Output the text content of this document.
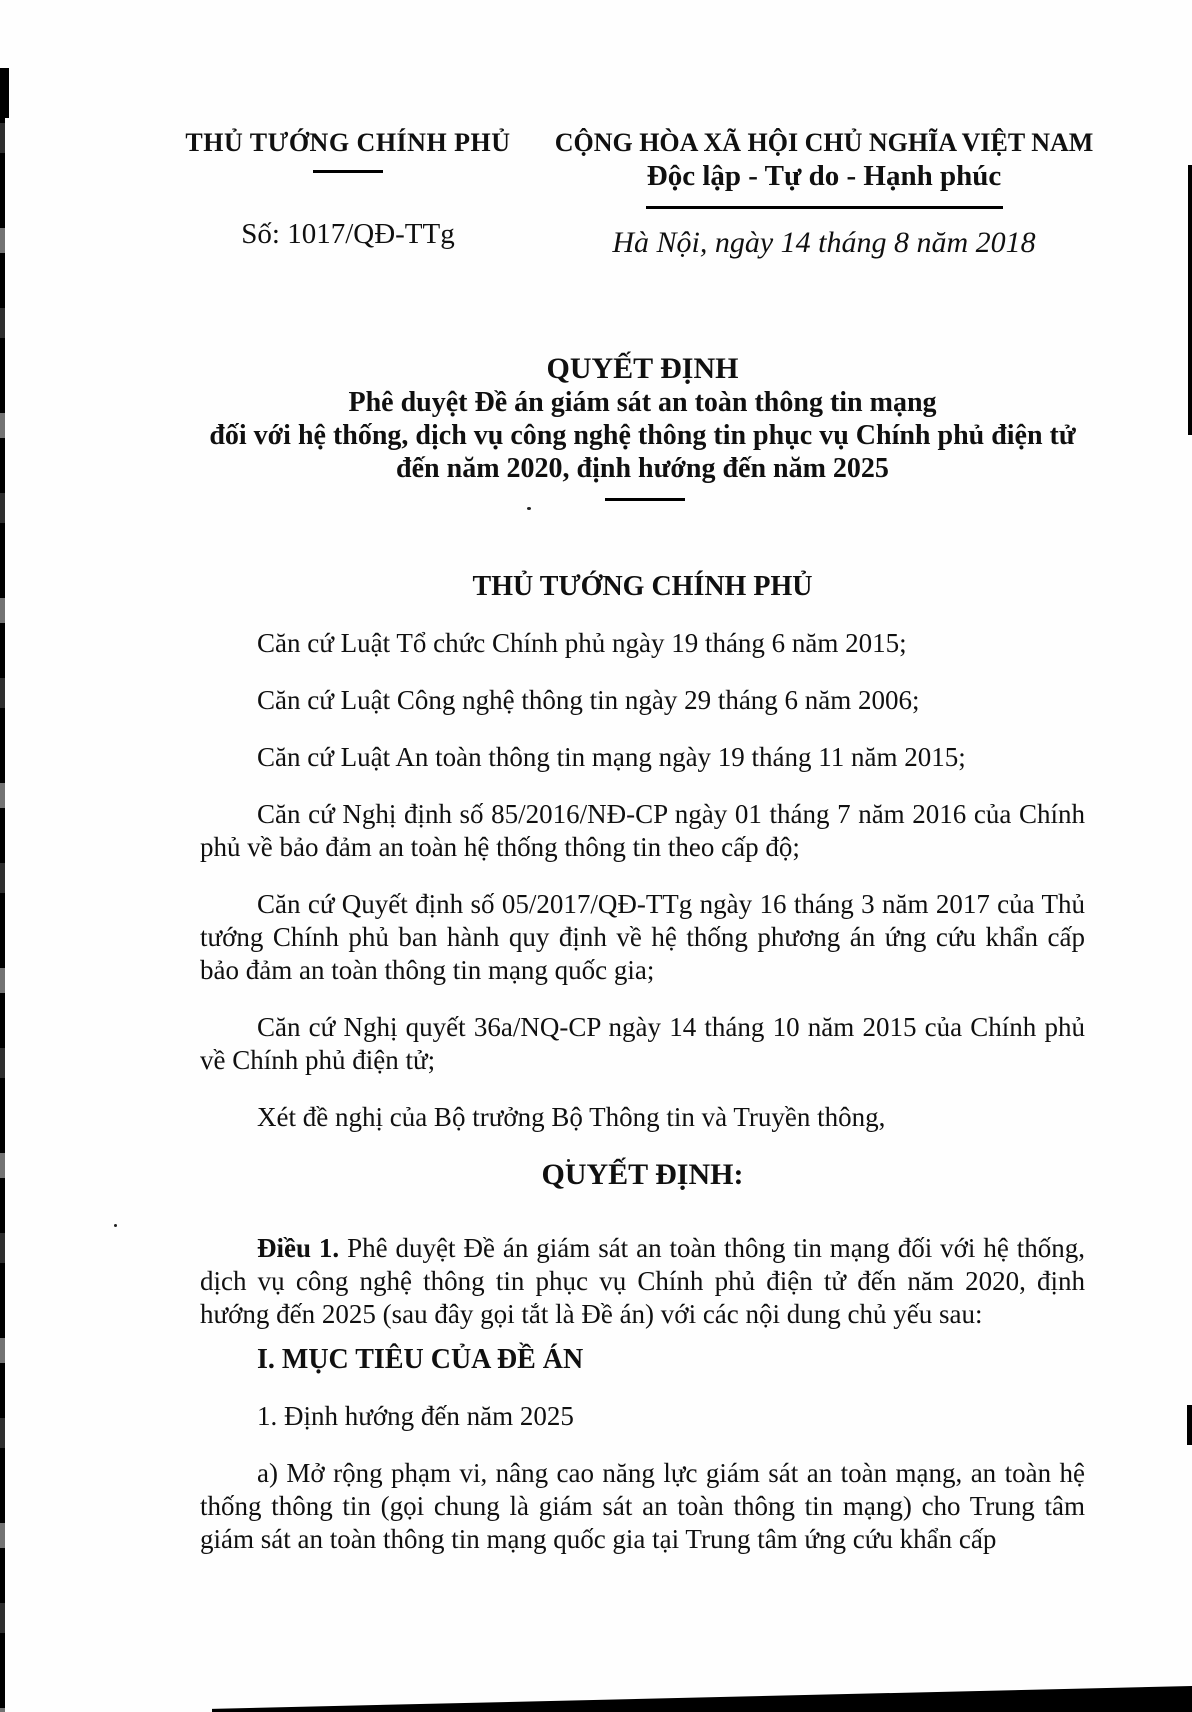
THỦ TƯỚNG CHÍNH PHỦ
Số: 1017/QĐ-TTg
CỘNG HÒA XÃ HỘI CHỦ NGHĨA VIỆT NAM
Độc lập - Tự do - Hạnh phúc
Hà Nội, ngày 14 tháng 8 năm 2018
QUYẾT ĐỊNH
Phê duyệt Đề án giám sát an toàn thông tin mạng
đối với hệ thống, dịch vụ công nghệ thông tin phục vụ Chính phủ điện tử
đến năm 2020, định hướng đến năm 2025
THỦ TƯỚNG CHÍNH PHỦ

Căn cứ Luật Tổ chức Chính phủ ngày 19 tháng 6 năm 2015;

Căn cứ Luật Công nghệ thông tin ngày 29 tháng 6 năm 2006;

Căn cứ Luật An toàn thông tin mạng ngày 19 tháng 11 năm 2015;

Căn cứ Nghị định số 85/2016/NĐ-CP ngày 01 tháng 7 năm 2016 của Chính phủ về bảo đảm an toàn hệ thống thông tin theo cấp độ;

Căn cứ Quyết định số 05/2017/QĐ-TTg ngày 16 tháng 3 năm 2017 của Thủ tướng Chính phủ ban hành quy định về hệ thống phương án ứng cứu khẩn cấp bảo đảm an toàn thông tin mạng quốc gia;

Căn cứ Nghị quyết 36a/NQ-CP ngày 14 tháng 10 năm 2015 của Chính phủ về Chính phủ điện tử;

Xét đề nghị của Bộ trưởng Bộ Thông tin và Truyền thông,

QUYẾT ĐỊNH:

Điều 1. Phê duyệt Đề án giám sát an toàn thông tin mạng đối với hệ thống, dịch vụ công nghệ thông tin phục vụ Chính phủ điện tử đến năm 2020, định hướng đến 2025 (sau đây gọi tắt là Đề án) với các nội dung chủ yếu sau:

I. MỤC TIÊU CỦA ĐỀ ÁN

1. Định hướng đến năm 2025

a) Mở rộng phạm vi, nâng cao năng lực giám sát an toàn mạng, an toàn hệ thống thông tin (gọi chung là giám sát an toàn thông tin mạng) cho Trung tâm giám sát an toàn thông tin mạng quốc gia tại Trung tâm ứng cứu khẩn cấp
